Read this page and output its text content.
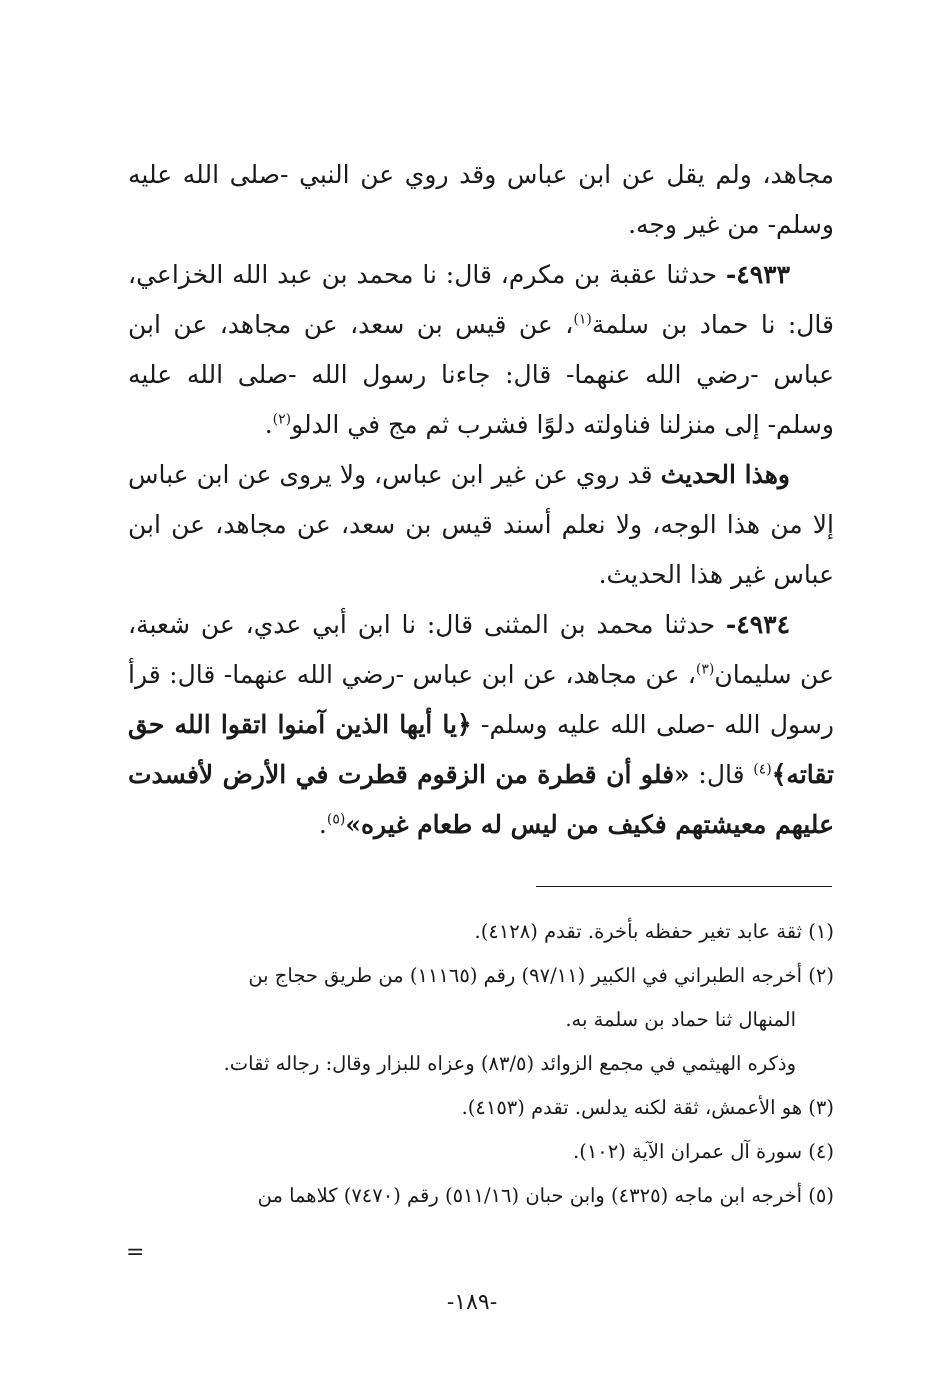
مجاهد، ولم يقل عن ابن عباس وقد روي عن النبي -صلى الله عليه وسلم- من غير وجه.

٤٩٣٣- حدثنا عقبة بن مكرم، قال: نا محمد بن عبد الله الخزاعي، قال: نا حماد بن سلمة$^{(١)}$، عن قيس بن سعد، عن مجاهد، عن ابن عباس -رضي الله عنهما- قال: جاءنا رسول الله -صلى الله عليه وسلم- إلى منزلنا فناولته دلوًا فشرب ثم مج في الدلو$^{(٢)}$.

وهذا الحديث قد روي عن غير ابن عباس، ولا يروى عن ابن عباس إلا من هذا الوجه، ولا نعلم أسند قيس بن سعد، عن مجاهد، عن ابن عباس غير هذا الحديث.

٤٩٣٤- حدثنا محمد بن المثنى قال: نا ابن أبي عدي، عن شعبة، عن سليمان$^{(٣)}$، عن مجاهد، عن ابن عباس -رضي الله عنهما- قال: قرأ رسول الله -صلى الله عليه وسلم- ﴿يا أيها الذين آمنوا اتقوا الله حق تقاته﴾$^{(٤)}$ قال: «فلو أن قطرة من الزقوم قطرت في الأرض لأفسدت عليهم معيشتهم فكيف من ليس له طعام غيره»$^{(٥)}$.

(١) ثقة عابد تغير حفظه بأخرة. تقدم (٤١٢٨).

(٢) أخرجه الطبراني في الكبير (٩٧/١١) رقم (١١١٦٥) من طريق حجاج بن

المنهال ثنا حماد بن سلمة به.

وذكره الهيثمي في مجمع الزوائد (٨٣/٥) وعزاه للبزار وقال: رجاله ثقات.

(٣) هو الأعمش، ثقة لكنه يدلس. تقدم (٤١٥٣).

(٤) سورة آل عمران الآية (١٠٢).

(٥) أخرجه ابن ماجه (٤٣٢٥) وابن حبان (٥١١/١٦) رقم (٧٤٧٠) كلاهما من

=
-١٨٩-
